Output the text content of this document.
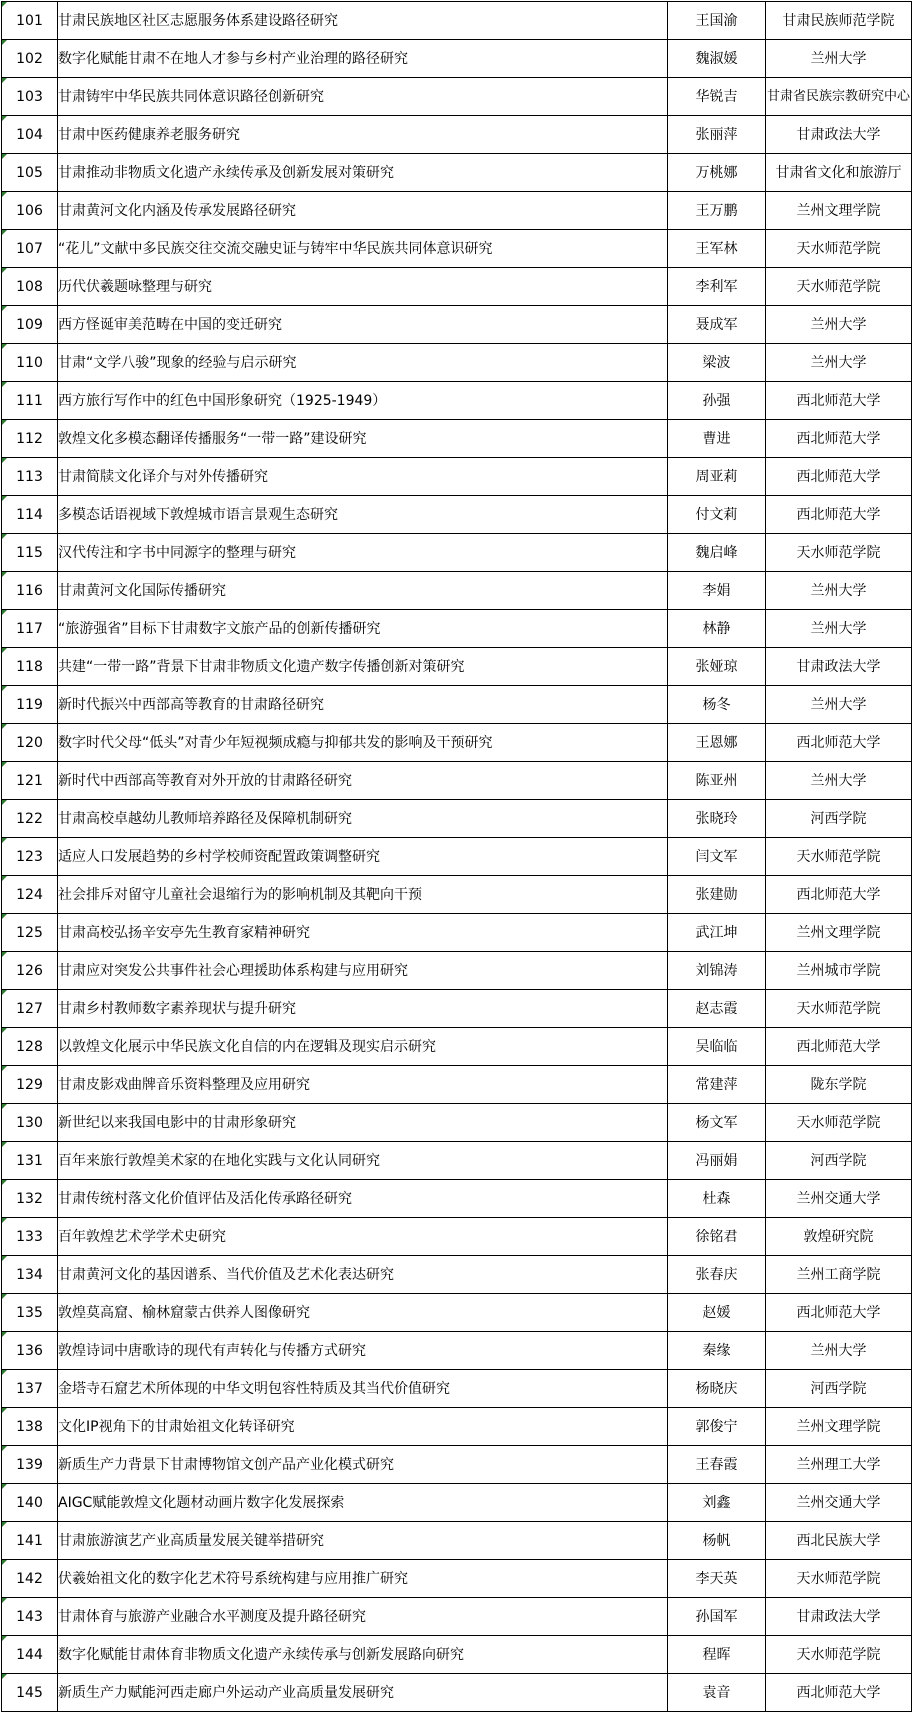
101	甘肃民族地区社区志愿服务体系建设路径研究	王国渝	甘肃民族师范学院
102	数字化赋能甘肃不在地人才参与乡村产业治理的路径研究	魏淑媛	兰州大学
103	甘肃铸牢中华民族共同体意识路径创新研究	华锐吉	甘肃省民族宗教研究中心
104	甘肃中医药健康养老服务研究	张丽萍	甘肃政法大学
105	甘肃推动非物质文化遗产永续传承及创新发展对策研究	万桃娜	甘肃省文化和旅游厅
106	甘肃黄河文化内涵及传承发展路径研究	王万鹏	兰州文理学院
107	“花儿”文献中多民族交往交流交融史证与铸牢中华民族共同体意识研究	王军林	天水师范学院
108	历代伏羲题咏整理与研究	李利军	天水师范学院
109	西方怪诞审美范畴在中国的变迁研究	聂成军	兰州大学
110	甘肃“文学八骏”现象的经验与启示研究	梁波	兰州大学
111	西方旅行写作中的红色中国形象研究（1925-1949）	孙强	西北师范大学
112	敦煌文化多模态翻译传播服务“一带一路”建设研究	曹进	西北师范大学
113	甘肃简牍文化译介与对外传播研究	周亚莉	西北师范大学
114	多模态话语视域下敦煌城市语言景观生态研究	付文莉	西北师范大学
115	汉代传注和字书中同源字的整理与研究	魏启峰	天水师范学院
116	甘肃黄河文化国际传播研究	李娟	兰州大学
117	“旅游强省”目标下甘肃数字文旅产品的创新传播研究	林静	兰州大学
118	共建“一带一路”背景下甘肃非物质文化遗产数字传播创新对策研究	张娅琼	甘肃政法大学
119	新时代振兴中西部高等教育的甘肃路径研究	杨冬	兰州大学
120	数字时代父母“低头”对青少年短视频成瘾与抑郁共发的影响及干预研究	王恩娜	西北师范大学
121	新时代中西部高等教育对外开放的甘肃路径研究	陈亚州	兰州大学
122	甘肃高校卓越幼儿教师培养路径及保障机制研究	张晓玲	河西学院
123	适应人口发展趋势的乡村学校师资配置政策调整研究	闫文军	天水师范学院
124	社会排斥对留守儿童社会退缩行为的影响机制及其靶向干预	张建勋	西北师范大学
125	甘肃高校弘扬辛安亭先生教育家精神研究	武江坤	兰州文理学院
126	甘肃应对突发公共事件社会心理援助体系构建与应用研究	刘锦涛	兰州城市学院
127	甘肃乡村教师数字素养现状与提升研究	赵志霞	天水师范学院
128	以敦煌文化展示中华民族文化自信的内在逻辑及现实启示研究	吴临临	西北师范大学
129	甘肃皮影戏曲牌音乐资料整理及应用研究	常建萍	陇东学院
130	新世纪以来我国电影中的甘肃形象研究	杨文军	天水师范学院
131	百年来旅行敦煌美术家的在地化实践与文化认同研究	冯丽娟	河西学院
132	甘肃传统村落文化价值评估及活化传承路径研究	杜森	兰州交通大学
133	百年敦煌艺术学学术史研究	徐铭君	敦煌研究院
134	甘肃黄河文化的基因谱系、当代价值及艺术化表达研究	张春庆	兰州工商学院
135	敦煌莫高窟、榆林窟蒙古供养人图像研究	赵媛	西北师范大学
136	敦煌诗词中唐歌诗的现代有声转化与传播方式研究	秦缘	兰州大学
137	金塔寺石窟艺术所体现的中华文明包容性特质及其当代价值研究	杨晓庆	河西学院
138	文化IP视角下的甘肃始祖文化转译研究	郭俊宁	兰州文理学院
139	新质生产力背景下甘肃博物馆文创产品产业化模式研究	王春霞	兰州理工大学
140	AIGC赋能敦煌文化题材动画片数字化发展探索	刘鑫	兰州交通大学
141	甘肃旅游演艺产业高质量发展关键举措研究	杨帆	西北民族大学
142	伏羲始祖文化的数字化艺术符号系统构建与应用推广研究	李天英	天水师范学院
143	甘肃体育与旅游产业融合水平测度及提升路径研究	孙国军	甘肃政法大学
144	数字化赋能甘肃体育非物质文化遗产永续传承与创新发展路向研究	程晖	天水师范学院
145	新质生产力赋能河西走廊户外运动产业高质量发展研究	袁音	西北师范大学
